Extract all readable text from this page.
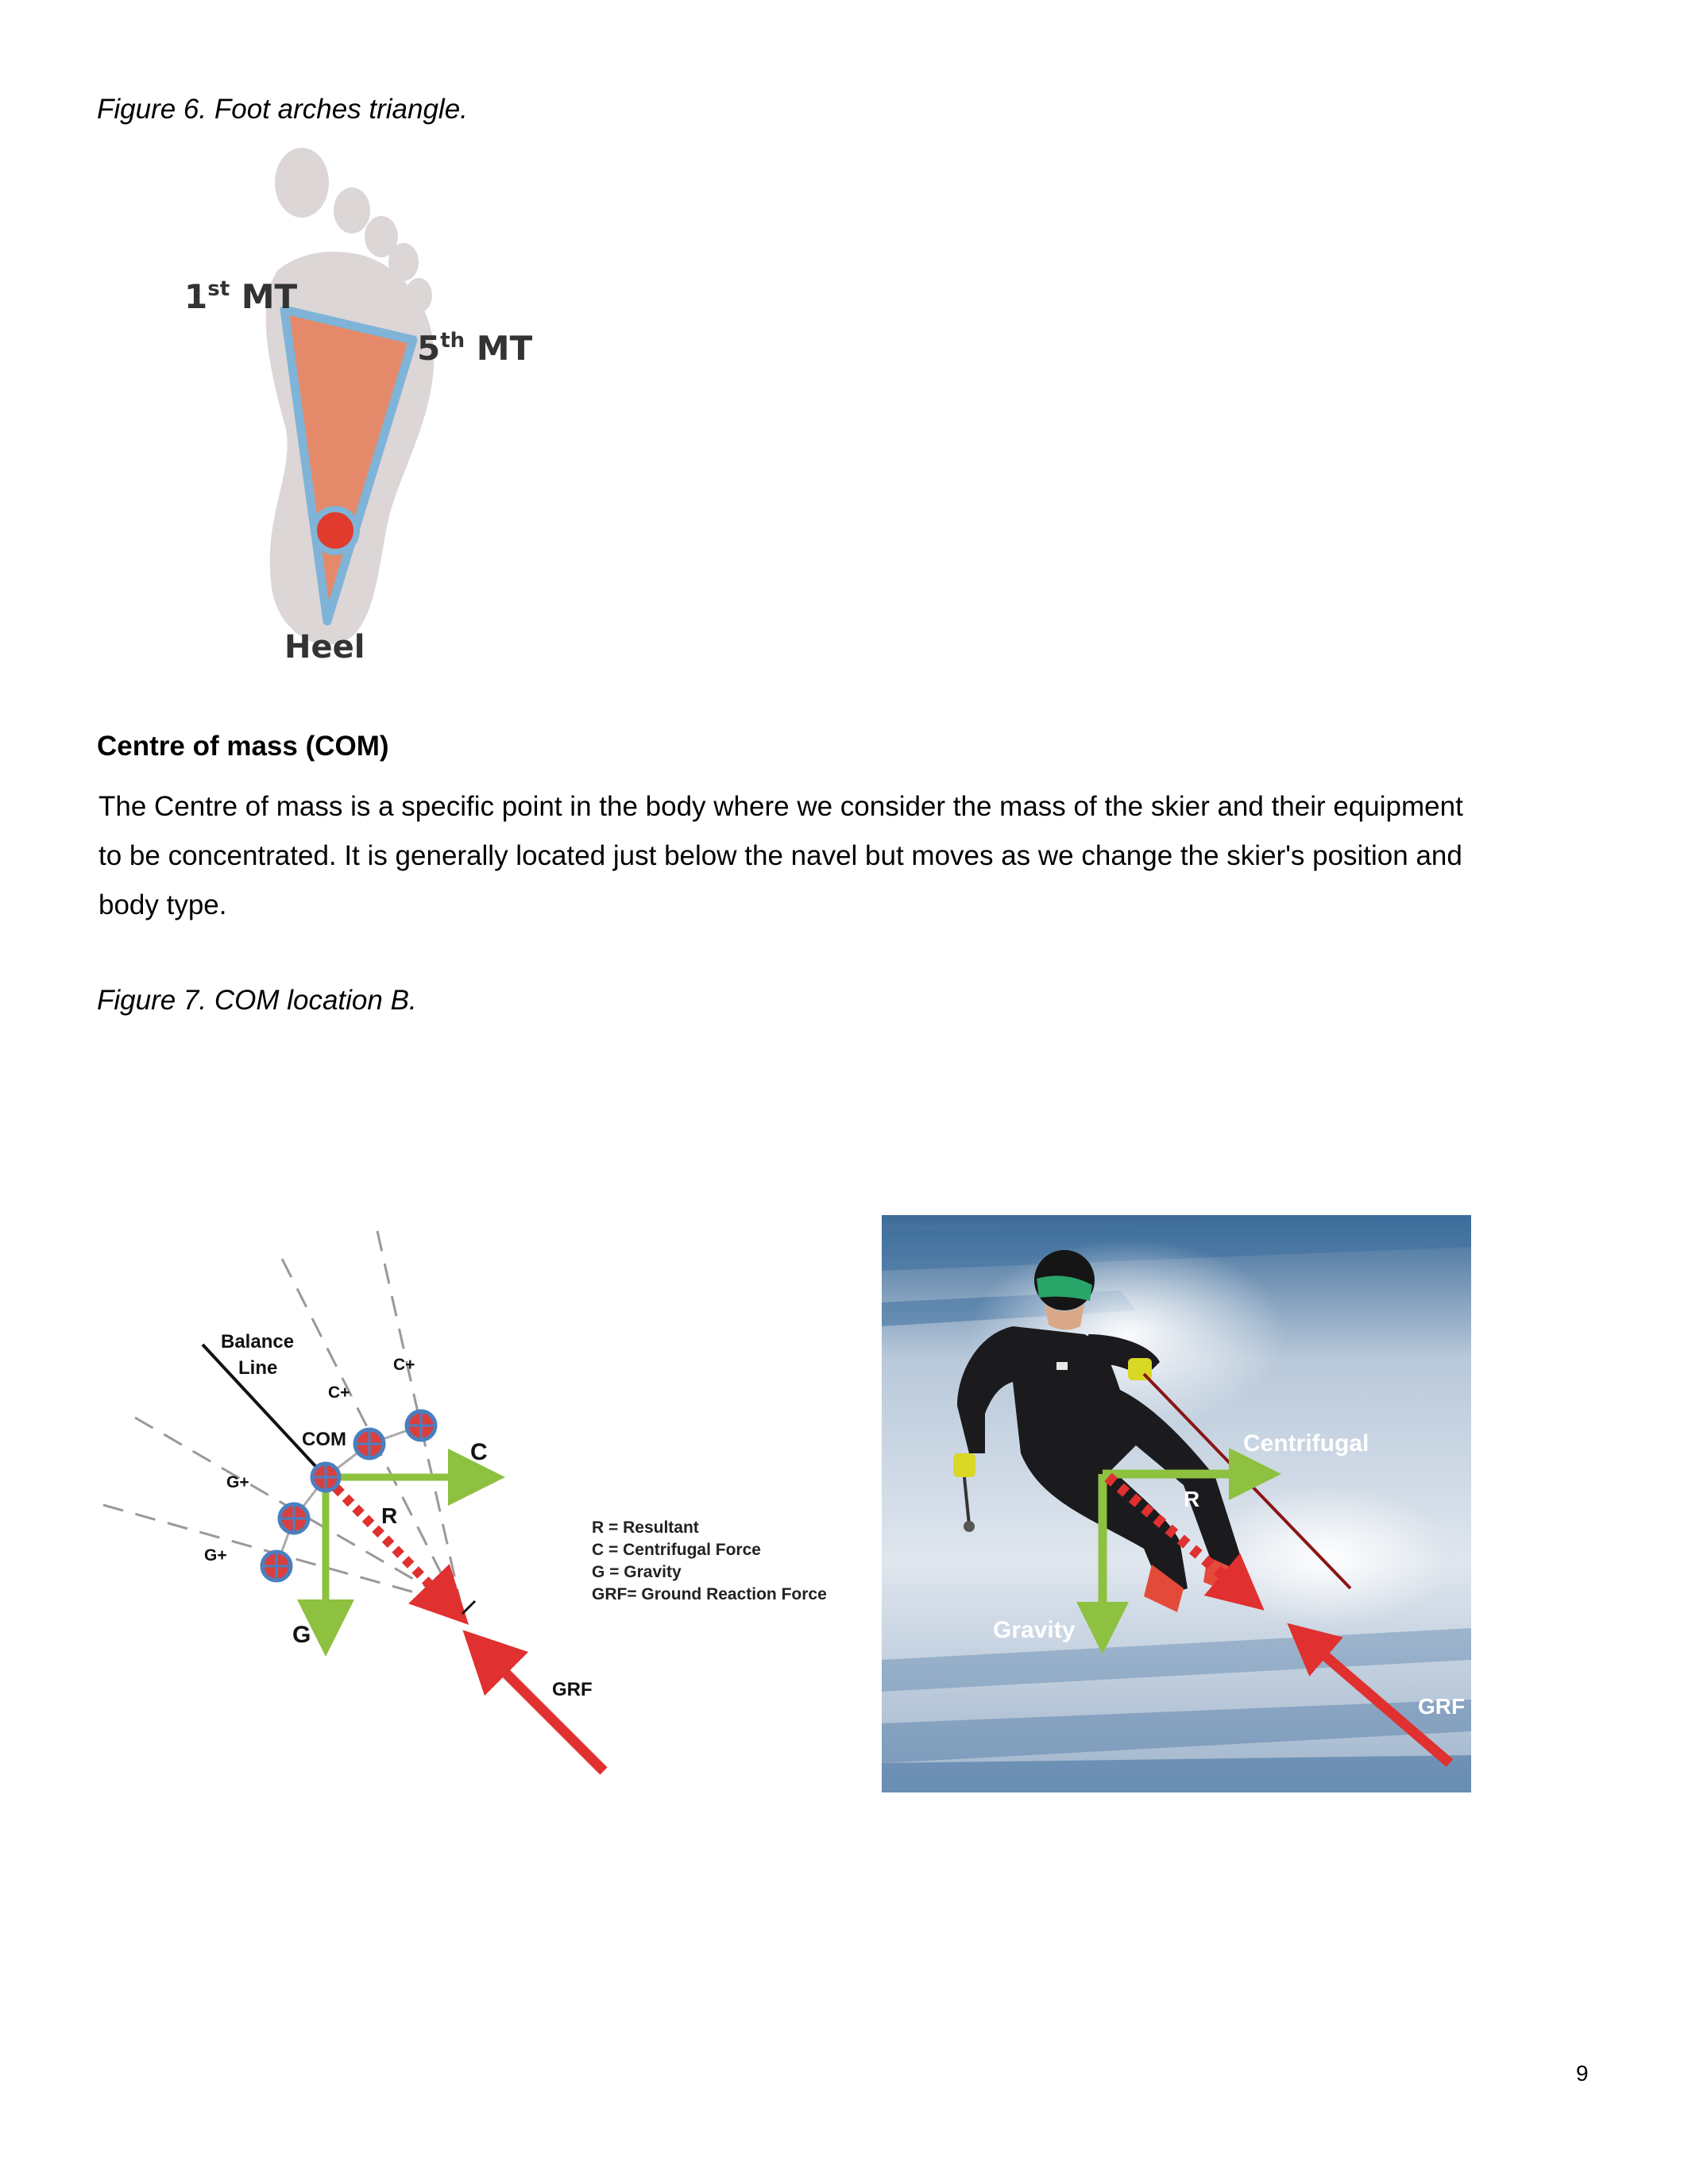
Figure 6. Foot arches triangle.
1st MT
5th MT
Heel
Centre of mass (COM)
The Centre of mass is a specific point in the body where we consider the mass of the skier and their equipment to be concentrated. It is generally located just below the navel but moves as we change the skier's position and body type.
Figure 7. COM location B.
Balance
Line	C+
C+
G+
G+
COM	C
R
G
GRF
R = Resultant
C = Centrifugal Force
G = Gravity
GRF= Ground Reaction Force
Centrifugal
R
Gravity
GRF
9
